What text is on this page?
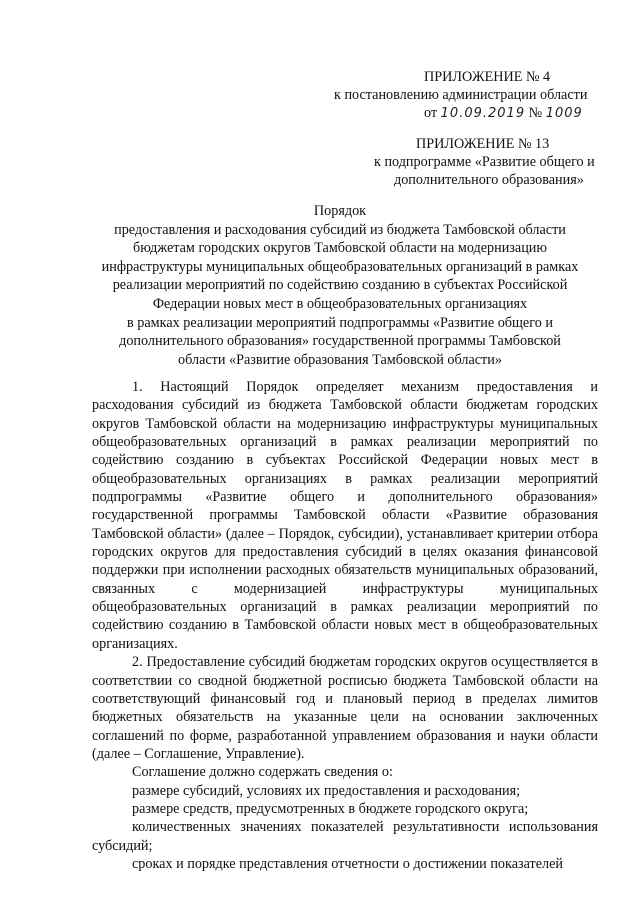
ПРИЛОЖЕНИЕ № 4
к постановлению администрации области
от 10.09.2019 № 1009
ПРИЛОЖЕНИЕ № 13
к подпрограмме «Развитие общего и
дополнительного образования»
Порядок
предоставления и расходования субсидий из бюджета Тамбовской области
бюджетам городских округов Тамбовской области на модернизацию
инфраструктуры муниципальных общеобразовательных организаций в рамках
реализации мероприятий по содействию созданию в субъектах Российской
Федерации новых мест в общеобразовательных организациях
в рамках реализации мероприятий подпрограммы «Развитие общего и
дополнительного образования» государственной программы Тамбовской
области «Развитие образования Тамбовской области»

1. Настоящий Порядок определяет механизм предоставления и расходования субсидий из бюджета Тамбовской области бюджетам городских округов Тамбовской области на модернизацию инфраструктуры муниципальных общеобразовательных организаций в рамках реализации мероприятий по содействию созданию в субъектах Российской Федерации новых мест в общеобразовательных организациях в рамках реализации мероприятий подпрограммы «Развитие общего и дополнительного образования» государственной программы Тамбовской области «Развитие образования Тамбовской области» (далее – Порядок, субсидии), устанавливает критерии отбора городских округов для предоставления субсидий в целях оказания финансовой поддержки при исполнении расходных обязательств муниципальных образований, связанных с модернизацией инфраструктуры муниципальных общеобразовательных организаций в рамках реализации мероприятий по содействию созданию в Тамбовской области новых мест в общеобразовательных организациях.

2. Предоставление субсидий бюджетам городских округов осуществляется в соответствии со сводной бюджетной росписью бюджета Тамбовской области на соответствующий финансовый год и плановый период в пределах лимитов бюджетных обязательств на указанные цели на основании заключенных соглашений по форме, разработанной управлением образования и науки области (далее – Соглашение, Управление).

Соглашение должно содержать сведения о:

размере субсидий, условиях их предоставления и расходования;

размере средств, предусмотренных в бюджете городского округа;

количественных значениях показателей результативности использования субсидий;

сроках и порядке представления отчетности о достижении показателей
